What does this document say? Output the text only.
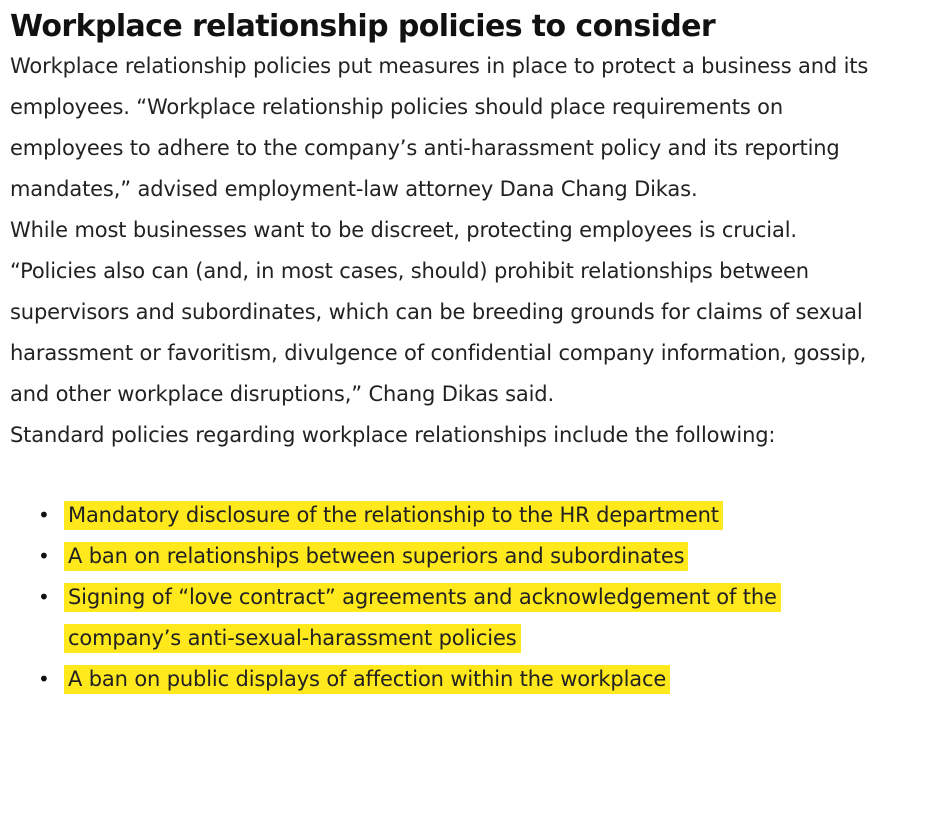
Workplace relationship policies to consider

Workplace relationship policies put measures in place to protect a business and its employees. “Workplace relationship policies should place requirements on employees to adhere to the company’s anti-harassment policy and its reporting mandates,” advised employment-law attorney Dana Chang Dikas.

While most businesses want to be discreet, protecting employees is crucial. “Policies also can (and, in most cases, should) prohibit relationships between supervisors and subordinates, which can be breeding grounds for claims of sexual harassment or favoritism, divulgence of confidential company information, gossip, and other workplace disruptions,” Chang Dikas said.

Standard policies regarding workplace relationships include the following:

• Mandatory disclosure of the relationship to the HR department
• A ban on relationships between superiors and subordinates
• Signing of “love contract” agreements and acknowledgement of the company’s anti-sexual-harassment policies
• A ban on public displays of affection within the workplace
